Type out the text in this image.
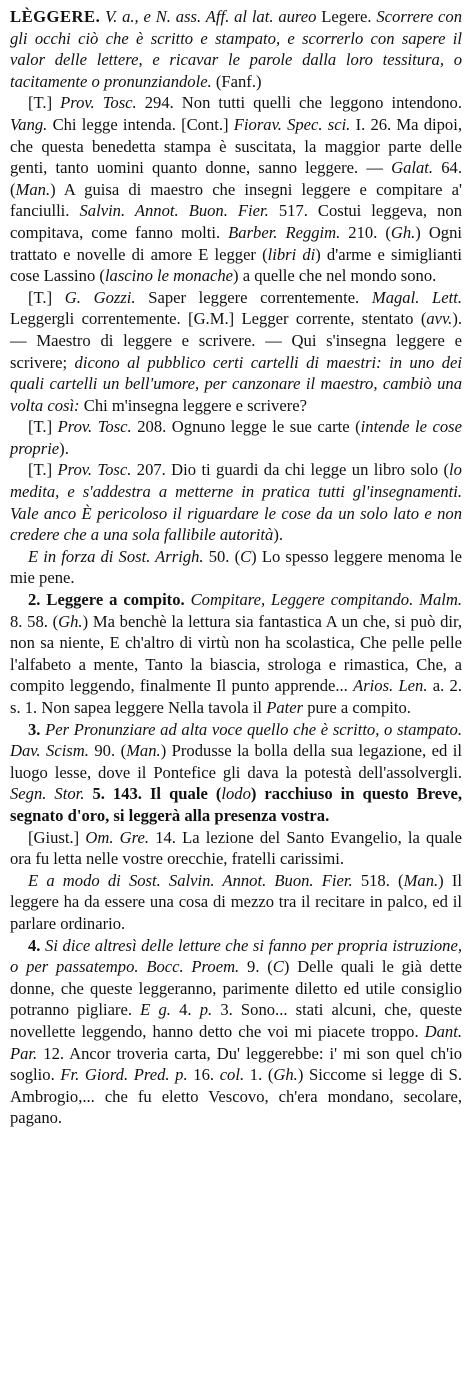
LÈGGERE. V. a., e N. ass. Aff. al lat. aureo Legere. Scorrere con gli occhi ciò che è scritto e stampato, e scorrerlo con sapere il valor delle lettere, e ricavar le parole dalla loro tessitura, o tacitamente o pronunziandole. (Fanf.)

[T.] Prov. Tosc. 294. Non tutti quelli che leggono intendono. Vang. Chi legge intenda. [Cont.] Fiorav. Spec. sci. I. 26. Ma dipoi, che questa benedetta stampa è suscitata, la maggior parte delle genti, tanto uomini quanto donne, sanno leggere. — Galat. 64. (Man.) A guisa di maestro che insegni leggere e compitare a' fanciulli. Salvin. Annot. Buon. Fier. 517. Costui leggeva, non compitava, come fanno molti. Barber. Reggim. 210. (Gh.) Ogni trattato e novelle di amore E legger (libri di) d'arme e simiglianti cose Lassino (lascino le monache) a quelle che nel mondo sono.

[T.] G. Gozzi. Saper leggere correntemente. Magal. Lett. Leggergli correntemente. [G.M.] Legger corrente, stentato (avv.). — Maestro di leggere e scrivere. — Qui s'insegna leggere e scrivere; dicono al pubblico certi cartelli di maestri: in uno dei quali cartelli un bell'umore, per canzonare il maestro, cambiò una volta così: Chi m'insegna leggere e scrivere?

[T.] Prov. Tosc. 208. Ognuno legge le sue carte (intende le cose proprie).

[T.] Prov. Tosc. 207. Dio ti guardi da chi legge un libro solo (lo medita, e s'addestra a metterne in pratica tutti gl'insegnamenti. Vale anco È pericoloso il riguardare le cose da un solo lato e non credere che a una sola fallibile autorità).

E in forza di Sost. Arrigh. 50. (C) Lo spesso leggere menoma le mie pene.

2. Leggere a compito. Compitare, Leggere compitando. Malm. 8. 58. (Gh.) Ma benchè la lettura sia fantastica A un che, si può dir, non sa niente, E ch'altro di virtù non ha scolastica, Che pelle pelle l'alfabeto a mente, Tanto la biascia, strologa e rimastica, Che, a compito leggendo, finalmente Il punto apprende... Arios. Len. a. 2. s. 1. Non sapea leggere Nella tavola il Pater pure a compito.

3. Per Pronunziare ad alta voce quello che è scritto, o stampato. Dav. Scism. 90. (Man.) Produsse la bolla della sua legazione, ed il luogo lesse, dove il Pontefice gli dava la potestà dell'assolvergli. Segn. Stor. 5. 143. Il quale (lodo) racchiuso in questo Breve, segnato d'oro, si leggerà alla presenza vostra.

[Giust.] Om. Gre. 14. La lezione del Santo Evangelio, la quale ora fu letta nelle vostre orecchie, fratelli carissimi.

E a modo di Sost. Salvin. Annot. Buon. Fier. 518. (Man.) Il leggere ha da essere una cosa di mezzo tra il recitare in palco, ed il parlare ordinario.

4. Si dice altresì delle letture che si fanno per propria istruzione, o per passatempo. Bocc. Proem. 9. (C) Delle quali le già dette donne, che queste leggeranno, parimente diletto ed utile consiglio potranno pigliare. E g. 4. p. 3. Sono... stati alcuni, che, queste novellette leggendo, hanno detto che voi mi piacete troppo. Dant. Par. 12. Ancor troveria carta, Du' leggerebbe: i' mi son quel ch'io soglio. Fr. Giord. Pred. p. 16. col. 1. (Gh.) Siccome si legge di S. Ambrogio,... che fu eletto Vescovo, ch'era mondano, secolare, pagano.
